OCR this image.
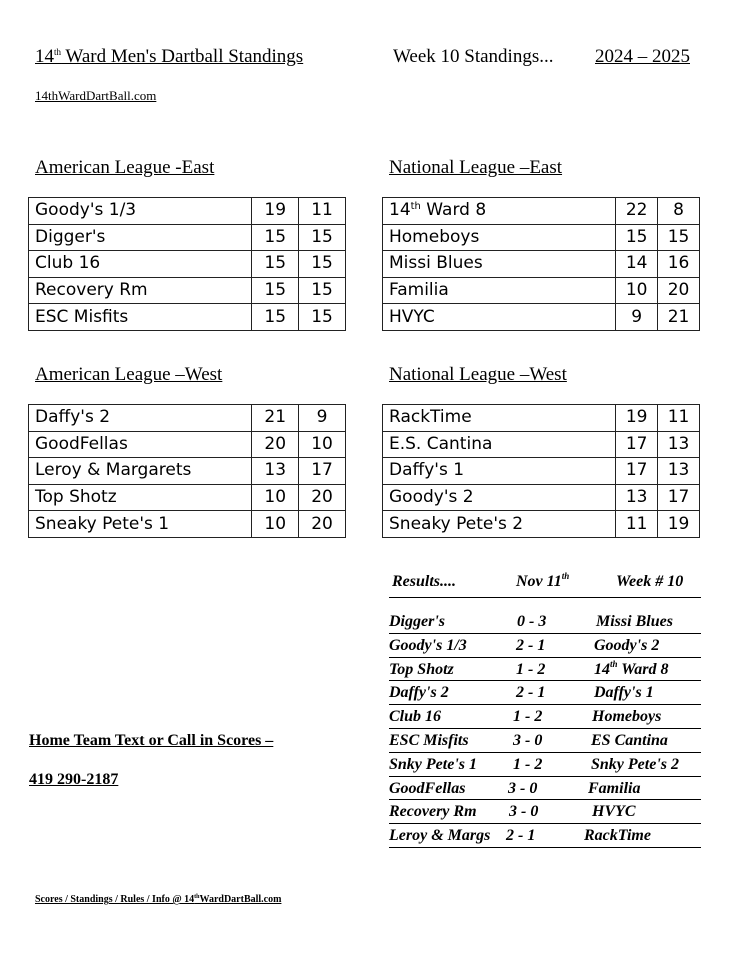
14th Ward Men's Dartball Standings	Week 10 Standings... 2024 – 2025
14thWardDartBall.com
American League -East	National League –East
American League –West	National League –West
Goody's 1/3	19	11
Digger's	15	15
Club 16	15	15
Recovery Rm	15	15
ESC Misfits	15	15
14th Ward 8	22	8
Homeboys	15	15
Missi Blues	14	16
Familia	10	20
HVYC	9	21
Daffy's 2	21	9
GoodFellas	20	10
Leroy & Margarets	13	17
Top Shotz	10	20
Sneaky Pete's 1	10	20
RackTime	19	11
E.S. Cantina	17	13
Daffy's 1	17	13
Goody's 2	13	17
Sneaky Pete's 2	11	19
Results....	Nov 11th	Week # 10
Digger's	0 - 3	Missi Blues
Goody's 1/3	2 - 1	Goody's 2
Top Shotz	1 - 2	14th Ward 8
Daffy's 2	2 - 1	Daffy's 1
Club 16	1 - 2	Homeboys
ESC Misfits	3 - 0	ES Cantina
Snky Pete's 1 1 - 2	Snky Pete's 2
GoodFellas	3 - 0	Familia
Recovery Rm 3 - 0	HVYC
Leroy & Margs 2 - 1	RackTime
Home Team Text or Call in Scores –
419 290-2187
Scores / Standings / Rules / Info @ 14thWardDartBall.com
